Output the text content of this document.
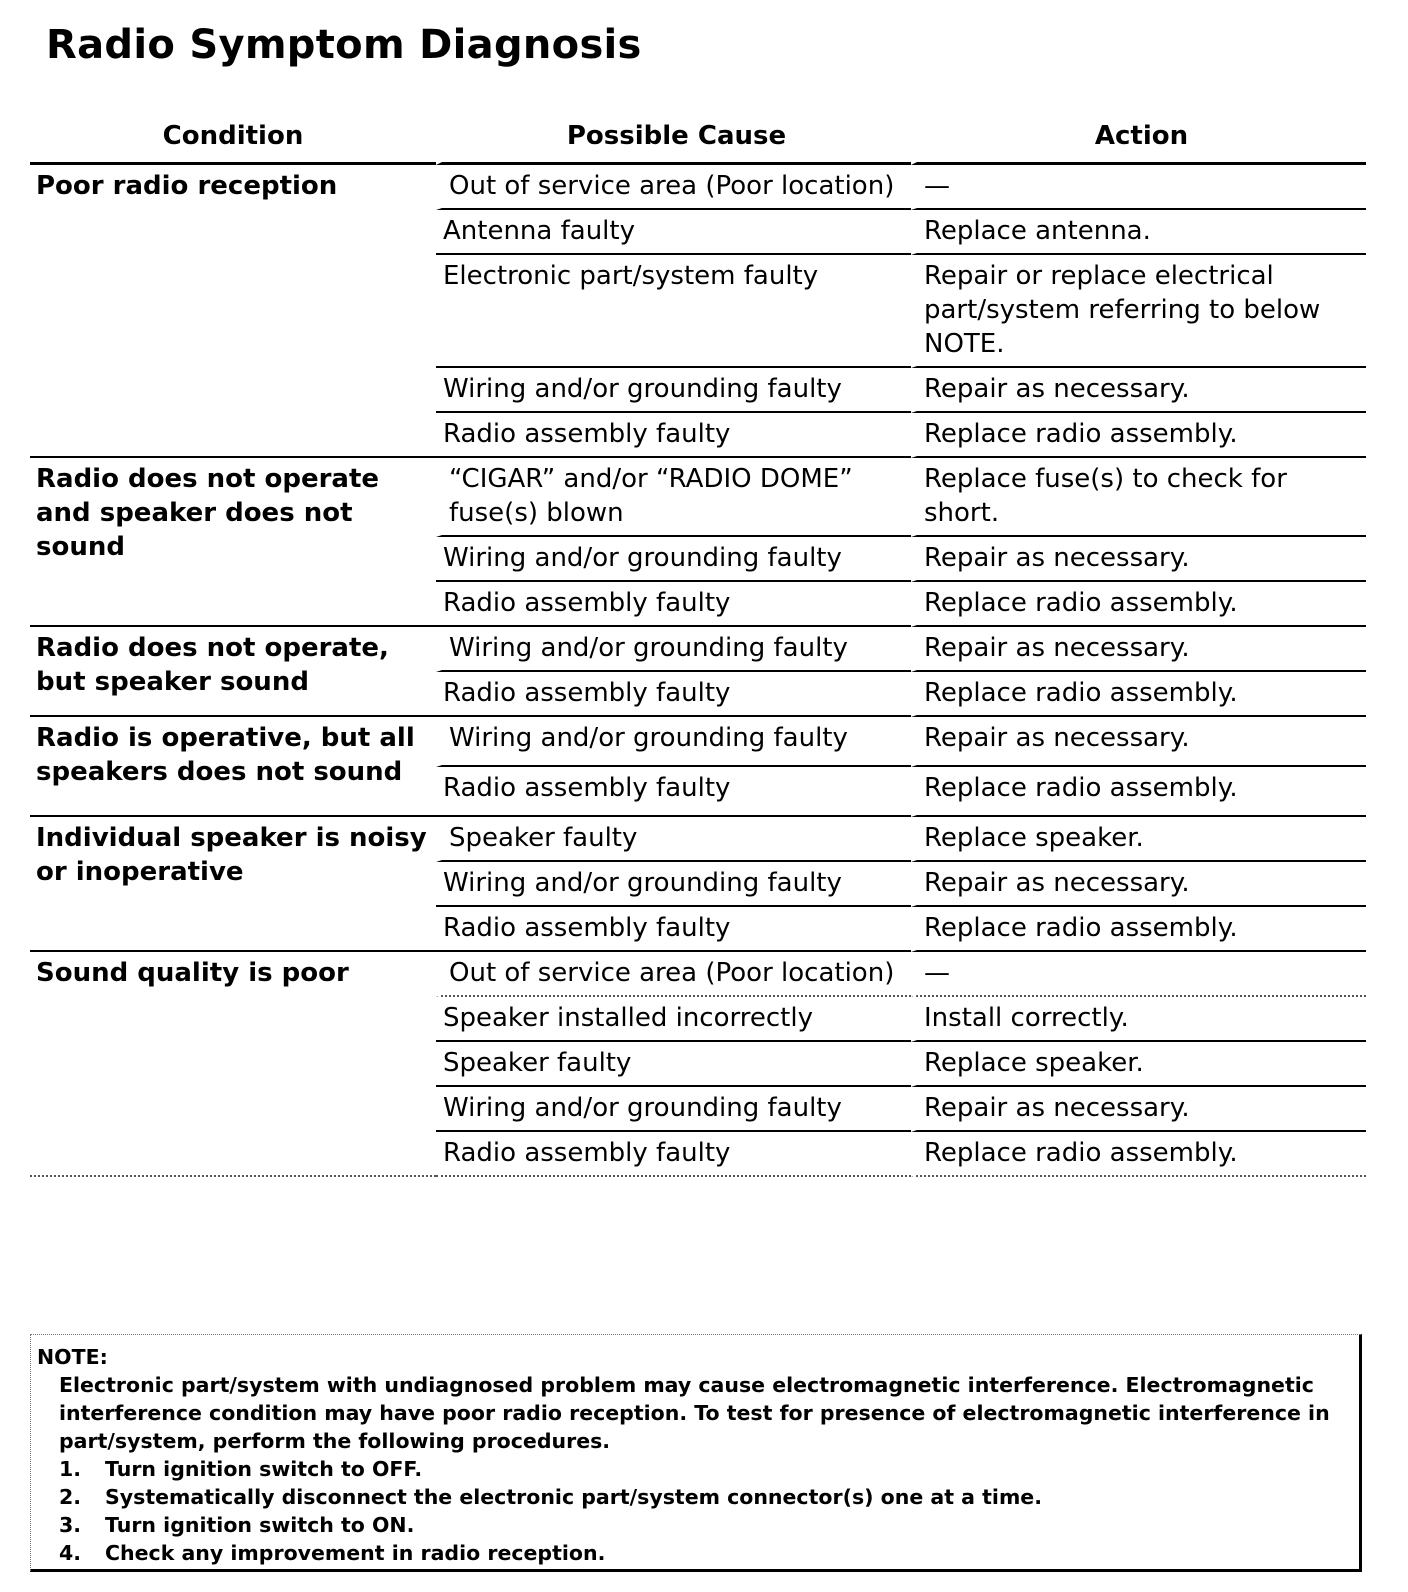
Radio Symptom Diagnosis
Condition	Possible Cause	Action
Poor radio reception	Out of service area (Poor location)	—
	Antenna faulty	Replace antenna.
	Electronic part/system faulty	Repair or replace electrical part/system referring to below NOTE.
	Wiring and/or grounding faulty	Repair as necessary.
	Radio assembly faulty	Replace radio assembly.
Radio does not operate and speaker does not sound	“CIGAR” and/or “RADIO DOME” fuse(s) blown	Replace fuse(s) to check for short.
	Wiring and/or grounding faulty	Repair as necessary.
	Radio assembly faulty	Replace radio assembly.
Radio does not operate, but speaker sound	Wiring and/or grounding faulty	Repair as necessary.
	Radio assembly faulty	Replace radio assembly.
Radio is operative, but all speakers does not sound	Wiring and/or grounding faulty	Repair as necessary.
	Radio assembly faulty	Replace radio assembly.
Individual speaker is noisy or inoperative	Speaker faulty	Replace speaker.
	Wiring and/or grounding faulty	Repair as necessary.
	Radio assembly faulty	Replace radio assembly.
Sound quality is poor	Out of service area (Poor location)	—
	Speaker installed incorrectly	Install correctly.
	Speaker faulty	Replace speaker.
	Wiring and/or grounding faulty	Repair as necessary.
	Radio assembly faulty	Replace radio assembly.

NOTE:

Electronic part/system with undiagnosed problem may cause electromagnetic interference. Electromagnetic interference condition may have poor radio reception. To test for presence of electromagnetic interference in part/system, perform the following procedures.

1.	Turn ignition switch to OFF.
2.	Systematically disconnect the electronic part/system connector(s) one at a time.
3.	Turn ignition switch to ON.
4.	Check any improvement in radio reception.
